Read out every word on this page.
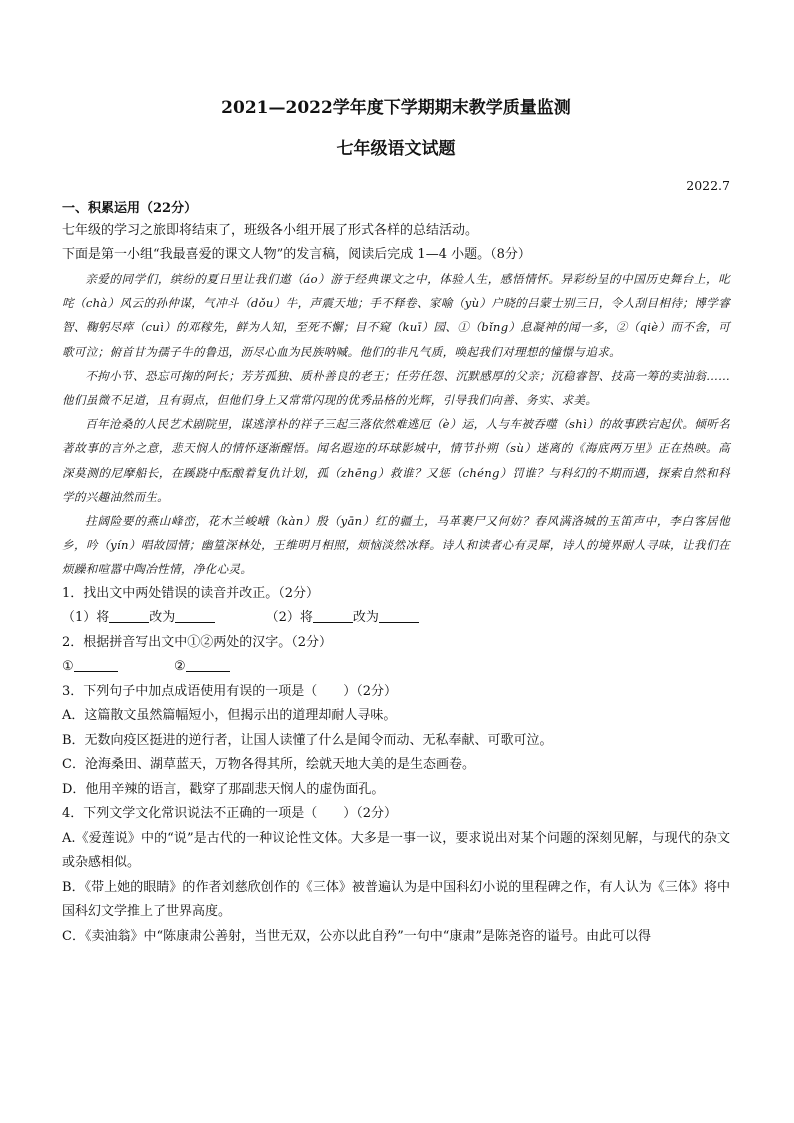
2021—2022学年度下学期期末教学质量监测
七年级语文试题
2022.7
一、积累运用（22分）
七年级的学习之旅即将结束了，班级各小组开展了形式各样的总结活动。
下面是第一小组“我最喜爱的课文人物”的发言稿，阅读后完成 1—4 小题。（8分）

亲爱的同学们，缤纷的夏日里让我们遨（áo）游于经典课文之中，体验人生，感悟情怀。异彩纷呈的中国历史舞台上，叱咤（chà）风云的孙仲谋，气冲斗（dǒu）牛，声震天地；手不释卷、家喻（yù）户晓的吕蒙士别三日，令人刮目相待；博学睿智、鞠躬尽瘁（cuì）的邓稼先，鲜为人知，至死不懈；目不窥（kuī）园、①（bǐng）息凝神的闻一多，②（qiè）而不舍，可歌可泣；俯首甘为孺子牛的鲁迅，沥尽心血为民族呐喊。他们的非凡气质，唤起我们对理想的憧憬与追求。

不拘小节、恐忘可掬的阿长；芳芳孤独、质朴善良的老王；任劳任怨、沉默感厚的父亲；沉稳睿智、技高一筹的卖油翁……他们虽微不足道，且有弱点，但他们身上又常常闪现的优秀品格的光辉，引导我们向善、务实、求美。

百年沧桑的人民艺术剧院里，谋逃淳朴的祥子三起三落依然难逃厄（è）运，人与车被吞噬（shì）的故事跌宕起伏。倾听名著故事的言外之意，悲天悯人的情怀逐渐醒悟。闻名遐迩的环球影城中，情节扑朔（sù）迷离的《海底两万里》正在热映。高深莫测的尼摩船长，在蹊跷中酝酿着复仇计划，孤（zhēng）救谁？又惩（chéng）罚谁？与科幻的不期而遇，探索自然和科学的兴趣油然而生。

拄阔险要的燕山峰峦，花木兰峻峨（kàn）殷（yān）红的疆土，马革裹尸又何妨？春风满洛城的玉笛声中，李白客居他乡，吟（yín）唱故园情；幽篁深林处，王维明月相照，烦恼淡然冰释。诗人和读者心有灵犀，诗人的境界耐人寻味，让我们在烦躁和喧嚣中陶冶性情，净化心灵。

1．找出文中两处错误的读音并改正。（2分）

（1）将	改为	（2）将	改为

2．根据拼音写出文中①②两处的汉字。（2分）

①	②

3．下列句子中加点成语使用有误的一项是（　　）（2分）

A．这篇散文虽然篇幅短小，但揭示出的道理却耐人寻味。

B．无数向疫区挺进的逆行者，让国人读懂了什么是闻令而动、无私奉献、可歌可泣。

C．沧海桑田、湖草蓝天，万物各得其所，绘就天地大美的是生态画卷。

D．他用辛辣的语言，戳穿了那副悲天悯人的虚伪面孔。

4．下列文学文化常识说法不正确的一项是（　　）（2分）

A.《爱莲说》中的“说”是古代的一种议论性文体。大多是一事一议，要求说出对某个问题的深刻见解，与现代的杂文或杂感相似。

B．《带上她的眼睛》的作者刘慈欣创作的《三体》被普遍认为是中国科幻小说的里程碑之作，有人认为《三体》将中国科幻文学推上了世界高度。

C．《卖油翁》中“陈康肃公善射，当世无双，公亦以此自矜”一句中“康肃”是陈尧咨的谥号。由此可以得
